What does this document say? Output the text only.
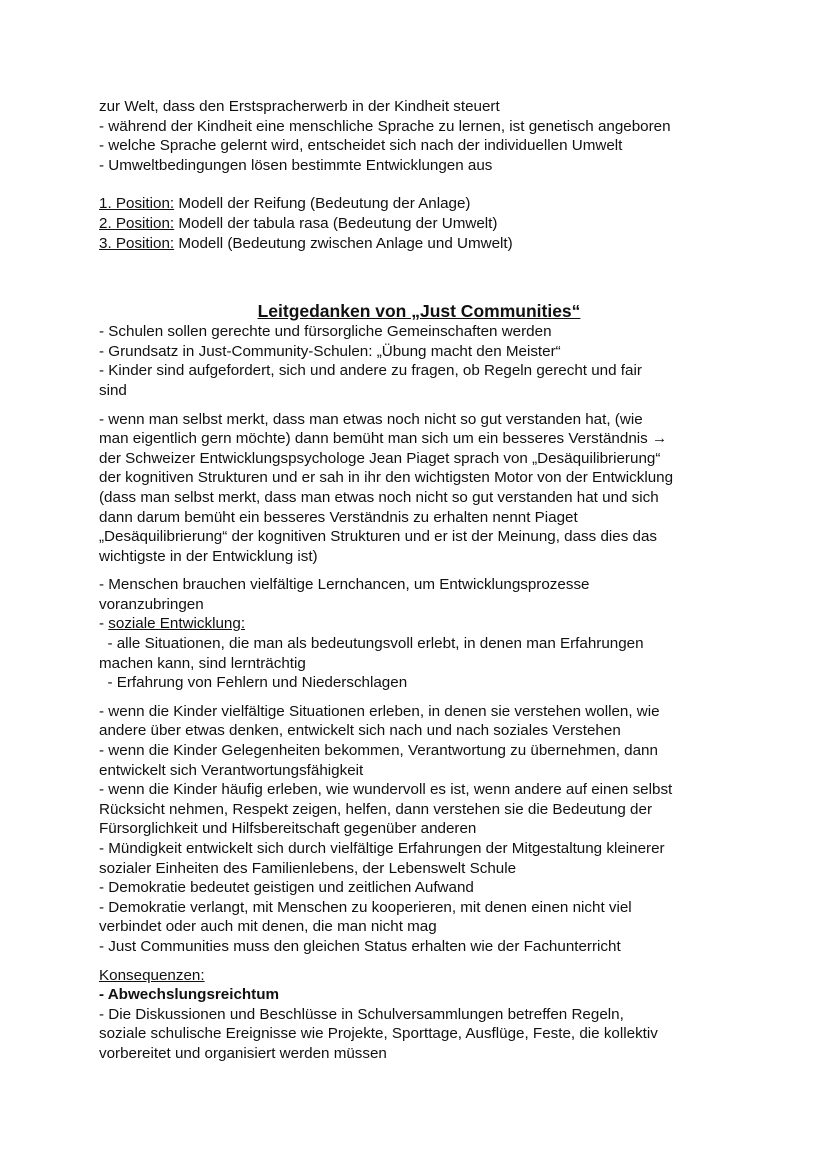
zur Welt, dass den Erstspracherwerb in der Kindheit steuert

- während der Kindheit eine menschliche Sprache zu lernen, ist genetisch angeboren

- welche Sprache gelernt wird, entscheidet sich nach der individuellen Umwelt

- Umweltbedingungen lösen bestimmte Entwicklungen aus

1. Position: Modell der Reifung (Bedeutung der Anlage)

2. Position: Modell der tabula rasa (Bedeutung der Umwelt)

3. Position: Modell (Bedeutung zwischen Anlage und Umwelt)

Leitgedanken von „Just Communities“

- Schulen sollen gerechte und fürsorgliche Gemeinschaften werden

- Grundsatz in Just-Community-Schulen: „Übung macht den Meister“

- Kinder sind aufgefordert, sich und andere zu fragen, ob Regeln gerecht und fair

sind

- wenn man selbst merkt, dass man etwas noch nicht so gut verstanden hat, (wie

man eigentlich gern möchte) dann bemüht man sich um ein besseres Verständnis →

der Schweizer Entwicklungspsychologe Jean Piaget sprach von „Desäquilibrierung“

der kognitiven Strukturen und er sah in ihr den wichtigsten Motor von der Entwicklung

(dass man selbst merkt, dass man etwas noch nicht so gut verstanden hat und sich

dann darum bemüht ein besseres Verständnis zu erhalten nennt Piaget

„Desäquilibrierung“ der kognitiven Strukturen und er ist der Meinung, dass dies das

wichtigste in der Entwicklung ist)

- Menschen brauchen vielfältige Lernchancen, um Entwicklungsprozesse

voranzubringen

- soziale Entwicklung:

- alle Situationen, die man als bedeutungsvoll erlebt, in denen man Erfahrungen

machen kann, sind lernträchtig

- Erfahrung von Fehlern und Niederschlagen

- wenn die Kinder vielfältige Situationen erleben, in denen sie verstehen wollen, wie

andere über etwas denken, entwickelt sich nach und nach soziales Verstehen

- wenn die Kinder Gelegenheiten bekommen, Verantwortung zu übernehmen, dann

entwickelt sich Verantwortungsfähigkeit

- wenn die Kinder häufig erleben, wie wundervoll es ist, wenn andere auf einen selbst

Rücksicht nehmen, Respekt zeigen, helfen, dann verstehen sie die Bedeutung der

Fürsorglichkeit und Hilfsbereitschaft gegenüber anderen

- Mündigkeit entwickelt sich durch vielfältige Erfahrungen der Mitgestaltung kleinerer

sozialer Einheiten des Familienlebens, der Lebenswelt Schule

- Demokratie bedeutet geistigen und zeitlichen Aufwand

- Demokratie verlangt, mit Menschen zu kooperieren, mit denen einen nicht viel

verbindet oder auch mit denen, die man nicht mag

- Just Communities muss den gleichen Status erhalten wie der Fachunterricht

Konsequenzen:

- Abwechslungsreichtum

- Die Diskussionen und Beschlüsse in Schulversammlungen betreffen Regeln,

soziale schulische Ereignisse wie Projekte, Sporttage, Ausflüge, Feste, die kollektiv

vorbereitet und organisiert werden müssen
